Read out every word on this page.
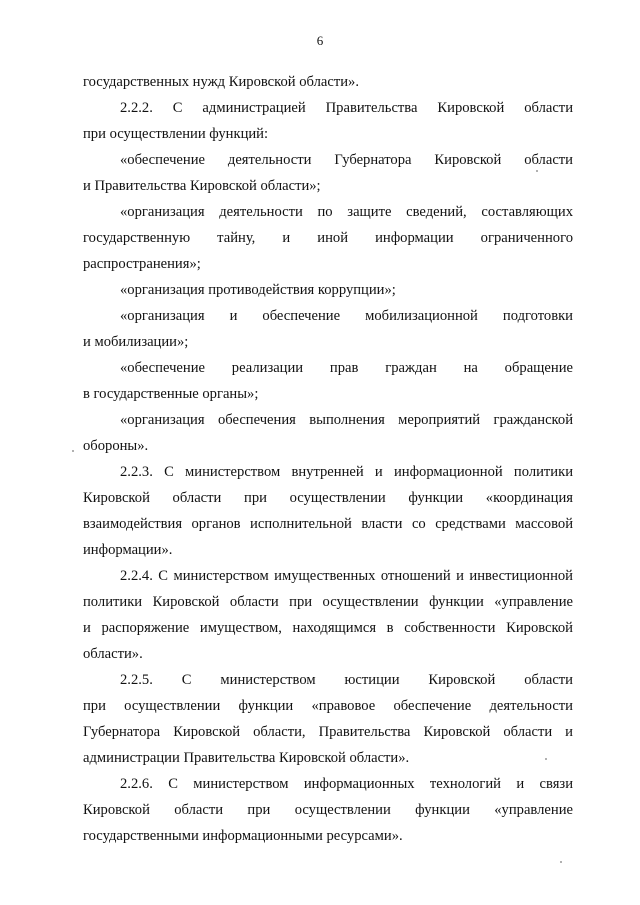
6
государственных нужд Кировской области».
2.2.2. С администрацией Правительства Кировской области
при осуществлении функций:
«обеспечение деятельности Губернатора Кировской области
и Правительства Кировской области»;
«организация деятельности по защите сведений, составляющих
государственную тайну, и иной информации ограниченного
распространения»;
«организация противодействия коррупции»;
«организация и обеспечение мобилизационной подготовки
и мобилизации»;
«обеспечение реализации прав граждан на обращение
в государственные органы»;
«организация обеспечения выполнения мероприятий гражданской
обороны».
2.2.3. С министерством внутренней и информационной политики
Кировской области при осуществлении функции «координация
взаимодействия органов исполнительной власти со средствами массовой
информации».
2.2.4. С министерством имущественных отношений и инвестиционной
политики Кировской области при осуществлении функции «управление
и распоряжение имуществом, находящимся в собственности Кировской
области».
2.2.5. С министерством юстиции Кировской области
при осуществлении функции «правовое обеспечение деятельности
Губернатора Кировской области, Правительства Кировской области и
администрации Правительства Кировской области».
2.2.6. С министерством информационных технологий и связи
Кировской области при осуществлении функции «управление
государственными информационными ресурсами».
